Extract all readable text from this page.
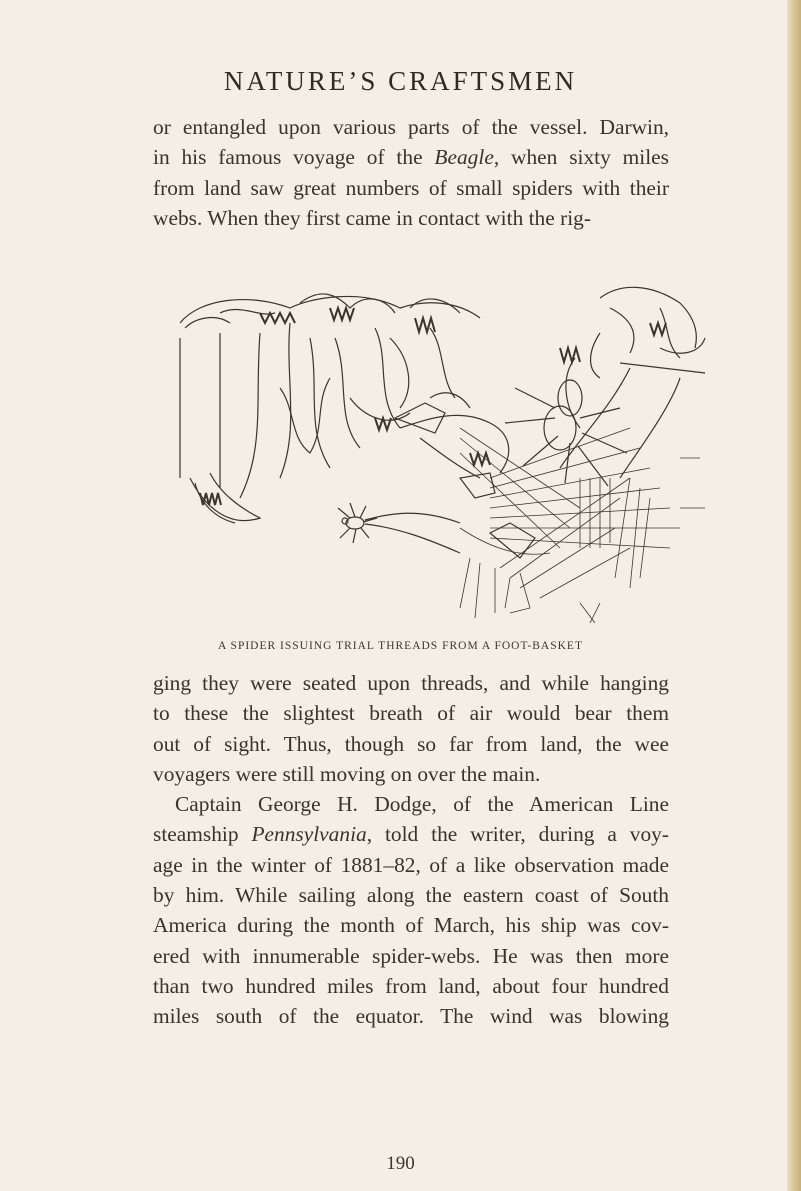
NATURE’S CRAFTSMEN
or entangled upon various parts of the vessel. Darwin,
in his famous voyage of the Beagle, when sixty miles
from land saw great numbers of small spiders with their
webs. When they first came in contact with the rig-
A SPIDER ISSUING TRIAL THREADS FROM A FOOT-BASKET
ging they were seated upon threads, and while hanging
to these the slightest breath of air would bear them
out of sight. Thus, though so far from land, the wee
voyagers were still moving on over the main.
Captain George H. Dodge, of the American Line
steamship Pennsylvania, told the writer, during a voy-
age in the winter of 1881–82, of a like observation made
by him. While sailing along the eastern coast of South
America during the month of March, his ship was cov-
ered with innumerable spider-webs. He was then more
than two hundred miles from land, about four hundred
miles south of the equator. The wind was blowing
190
